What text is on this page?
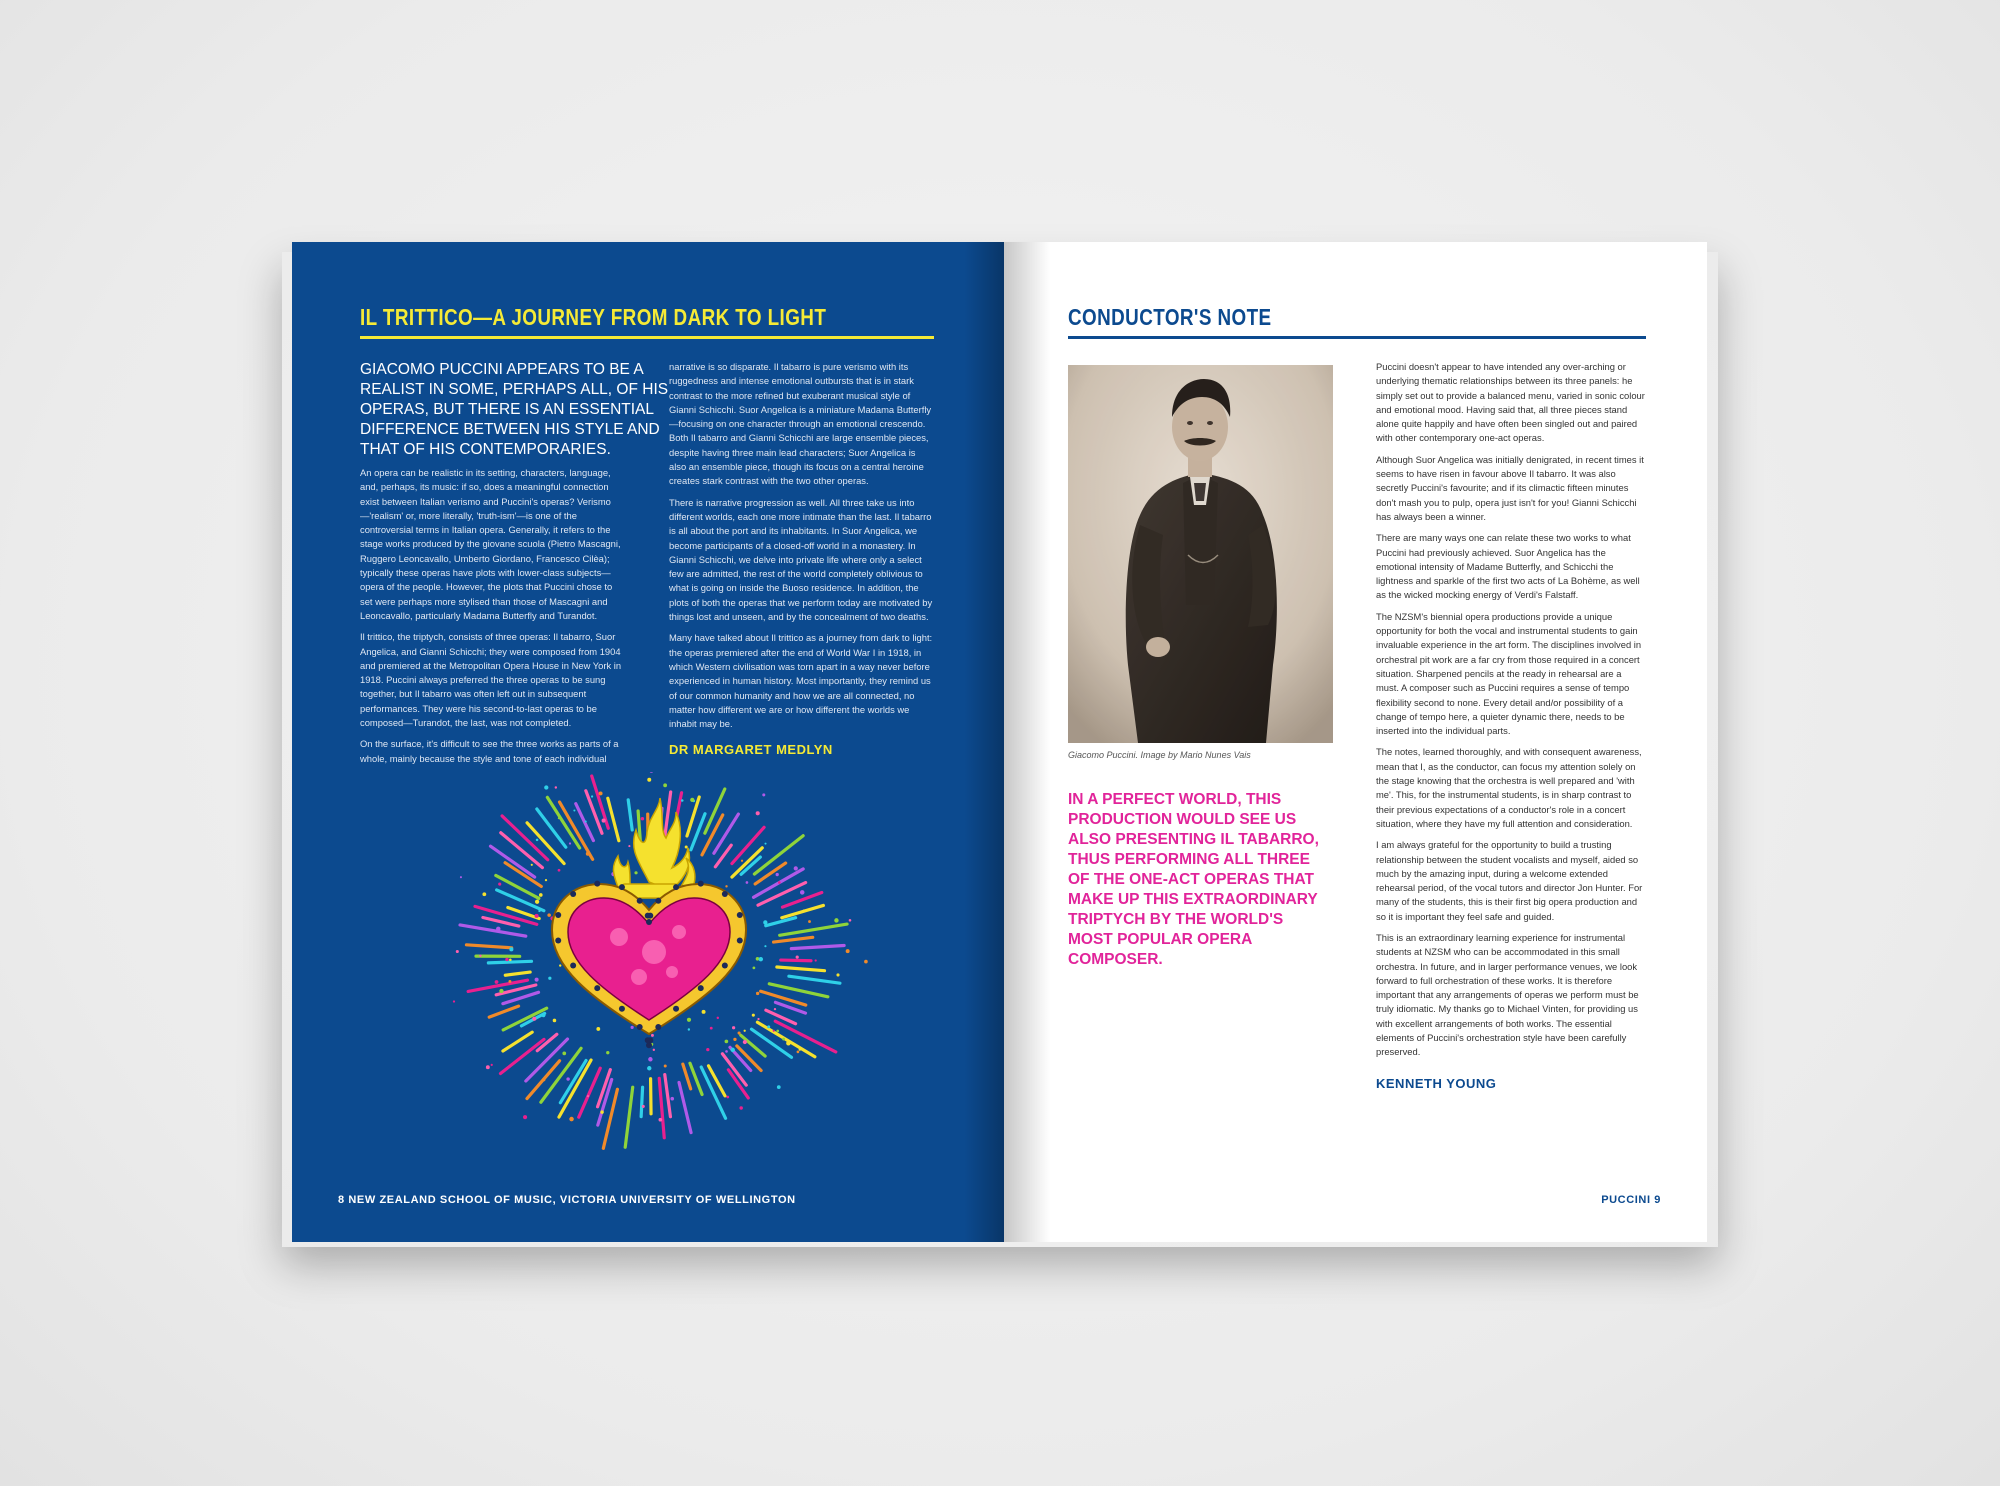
IL TRITTICO—A JOURNEY FROM DARK TO LIGHT
GIACOMO PUCCINI APPEARS TO BE A REALIST IN SOME, PERHAPS ALL, OF HIS OPERAS, BUT THERE IS AN ESSENTIAL DIFFERENCE BETWEEN HIS STYLE AND THAT OF HIS CONTEMPORARIES.

An opera can be realistic in its setting, characters, language, and, perhaps, its music: if so, does a meaningful connection exist between Italian verismo and Puccini's operas? Verismo—'realism' or, more literally, 'truth-ism'—is one of the controversial terms in Italian opera. Generally, it refers to the stage works produced by the giovane scuola (Pietro Mascagni, Ruggero Leoncavallo, Umberto Giordano, Francesco Cilèa); typically these operas have plots with lower-class subjects—opera of the people. However, the plots that Puccini chose to set were perhaps more stylised than those of Mascagni and Leoncavallo, particularly Madama Butterfly and Turandot.

Il trittico, the triptych, consists of three operas: Il tabarro, Suor Angelica, and Gianni Schicchi; they were composed from 1904 and premiered at the Metropolitan Opera House in New York in 1918. Puccini always preferred the three operas to be sung together, but Il tabarro was often left out in subsequent performances. They were his second-to-last operas to be composed—Turandot, the last, was not completed.

On the surface, it's difficult to see the three works as parts of a whole, mainly because the style and tone of each individual

narrative is so disparate. Il tabarro is pure verismo with its ruggedness and intense emotional outbursts that is in stark contrast to the more refined but exuberant musical style of Gianni Schicchi. Suor Angelica is a miniature Madama Butterfly—focusing on one character through an emotional crescendo. Both Il tabarro and Gianni Schicchi are large ensemble pieces, despite having three main lead characters; Suor Angelica is also an ensemble piece, though its focus on a central heroine creates stark contrast with the two other operas.

There is narrative progression as well. All three take us into different worlds, each one more intimate than the last. Il tabarro is all about the port and its inhabitants. In Suor Angelica, we become participants of a closed-off world in a monastery. In Gianni Schicchi, we delve into private life where only a select few are admitted, the rest of the world completely oblivious to what is going on inside the Buoso residence. In addition, the plots of both the operas that we perform today are motivated by things lost and unseen, and by the concealment of two deaths.

Many have talked about Il trittico as a journey from dark to light: the operas premiered after the end of World War I in 1918, in which Western civilisation was torn apart in a way never before experienced in human history. Most importantly, they remind us of our common humanity and how we are all connected, no matter how different we are or how different the worlds we inhabit may be.

DR MARGARET MEDLYN
8 NEW ZEALAND SCHOOL OF MUSIC, VICTORIA UNIVERSITY OF WELLINGTON
CONDUCTOR'S NOTE
Giacomo Puccini. Image by Mario Nunes Vais
IN A PERFECT WORLD, THIS PRODUCTION WOULD SEE US ALSO PRESENTING IL TABARRO, THUS PERFORMING ALL THREE OF THE ONE-ACT OPERAS THAT MAKE UP THIS EXTRAORDINARY TRIPTYCH BY THE WORLD'S MOST POPULAR OPERA COMPOSER.

Puccini doesn't appear to have intended any over-arching or underlying thematic relationships between its three panels: he simply set out to provide a balanced menu, varied in sonic colour and emotional mood. Having said that, all three pieces stand alone quite happily and have often been singled out and paired with other contemporary one-act operas.

Although Suor Angelica was initially denigrated, in recent times it seems to have risen in favour above Il tabarro. It was also secretly Puccini's favourite; and if its climactic fifteen minutes don't mash you to pulp, opera just isn't for you! Gianni Schicchi has always been a winner.

There are many ways one can relate these two works to what Puccini had previously achieved. Suor Angelica has the emotional intensity of Madame Butterfly, and Schicchi the lightness and sparkle of the first two acts of La Bohème, as well as the wicked mocking energy of Verdi's Falstaff.

The NZSM's biennial opera productions provide a unique opportunity for both the vocal and instrumental students to gain invaluable experience in the art form. The disciplines involved in orchestral pit work are a far cry from those required in a concert situation. Sharpened pencils at the ready in rehearsal are a must. A composer such as Puccini requires a sense of tempo flexibility second to none. Every detail and/or possibility of a change of tempo here, a quieter dynamic there, needs to be inserted into the individual parts.

The notes, learned thoroughly, and with consequent awareness, mean that I, as the conductor, can focus my attention solely on the stage knowing that the orchestra is well prepared and 'with me'. This, for the instrumental students, is in sharp contrast to their previous expectations of a conductor's role in a concert situation, where they have my full attention and consideration.

I am always grateful for the opportunity to build a trusting relationship between the student vocalists and myself, aided so much by the amazing input, during a welcome extended rehearsal period, of the vocal tutors and director Jon Hunter. For many of the students, this is their first big opera production and so it is important they feel safe and guided.

This is an extraordinary learning experience for instrumental students at NZSM who can be accommodated in this small orchestra. In future, and in larger performance venues, we look forward to full orchestration of these works. It is therefore important that any arrangements of operas we perform must be truly idiomatic. My thanks go to Michael Vinten, for providing us with excellent arrangements of both works. The essential elements of Puccini's orchestration style have been carefully preserved.

KENNETH YOUNG
PUCCINI 9
